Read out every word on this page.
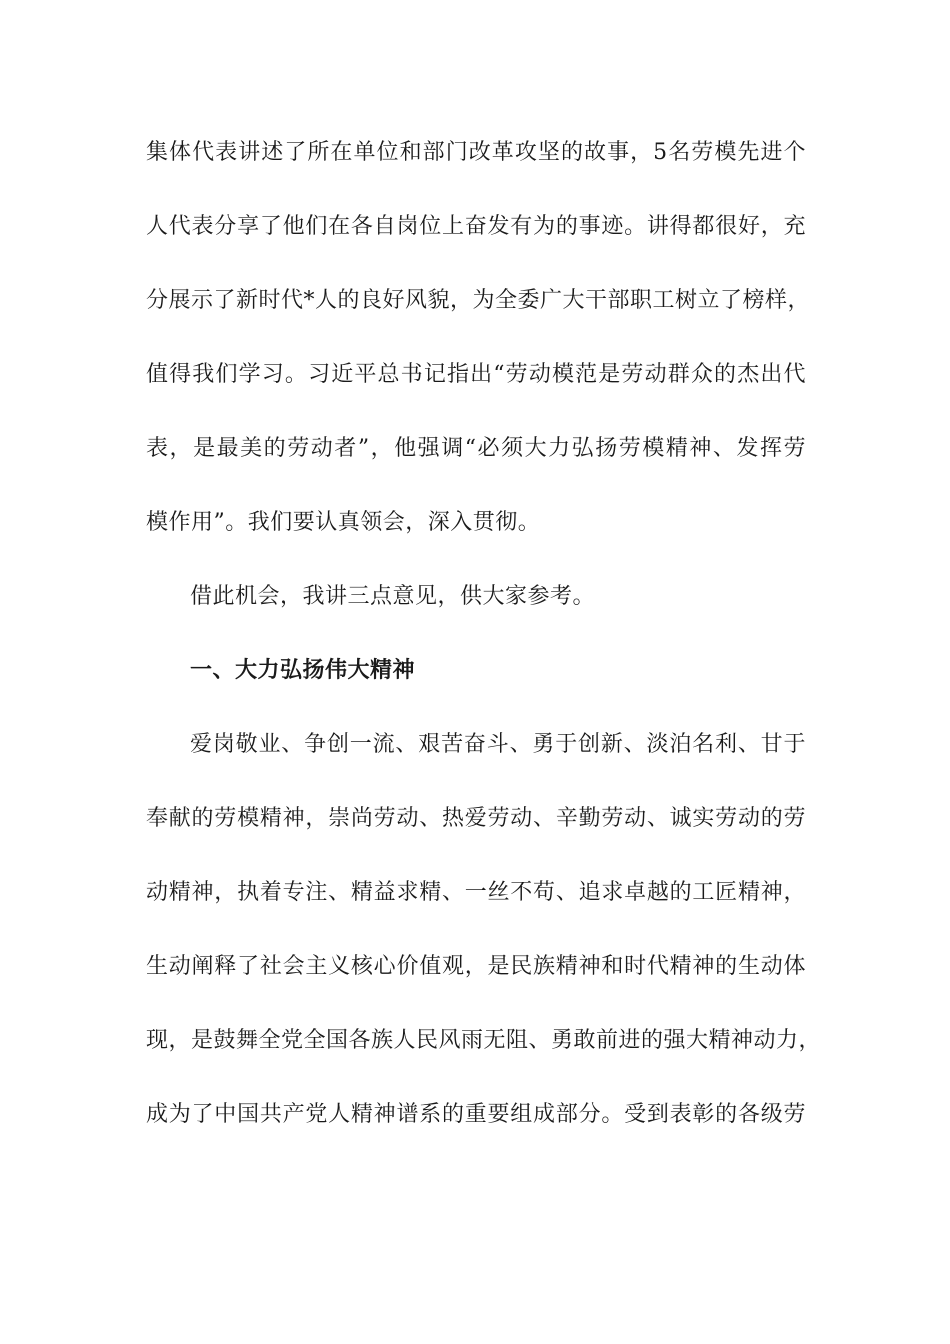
集体代表讲述了所在单位和部门改革攻坚的故事，5名劳模先进个
人代表分享了他们在各自岗位上奋发有为的事迹。讲得都很好，充
分展示了新时代*人的良好风貌，为全委广大干部职工树立了榜样，
值得我们学习。习近平总书记指出“劳动模范是劳动群众的杰出代
表，是最美的劳动者”，他强调“必须大力弘扬劳模精神、发挥劳
模作用”。我们要认真领会，深入贯彻。
借此机会，我讲三点意见，供大家参考。
一、大力弘扬伟大精神
爱岗敬业、争创一流、艰苦奋斗、勇于创新、淡泊名利、甘于
奉献的劳模精神，崇尚劳动、热爱劳动、辛勤劳动、诚实劳动的劳
动精神，执着专注、精益求精、一丝不苟、追求卓越的工匠精神，
生动阐释了社会主义核心价值观，是民族精神和时代精神的生动体
现，是鼓舞全党全国各族人民风雨无阻、勇敢前进的强大精神动力，
成为了中国共产党人精神谱系的重要组成部分。受到表彰的各级劳
